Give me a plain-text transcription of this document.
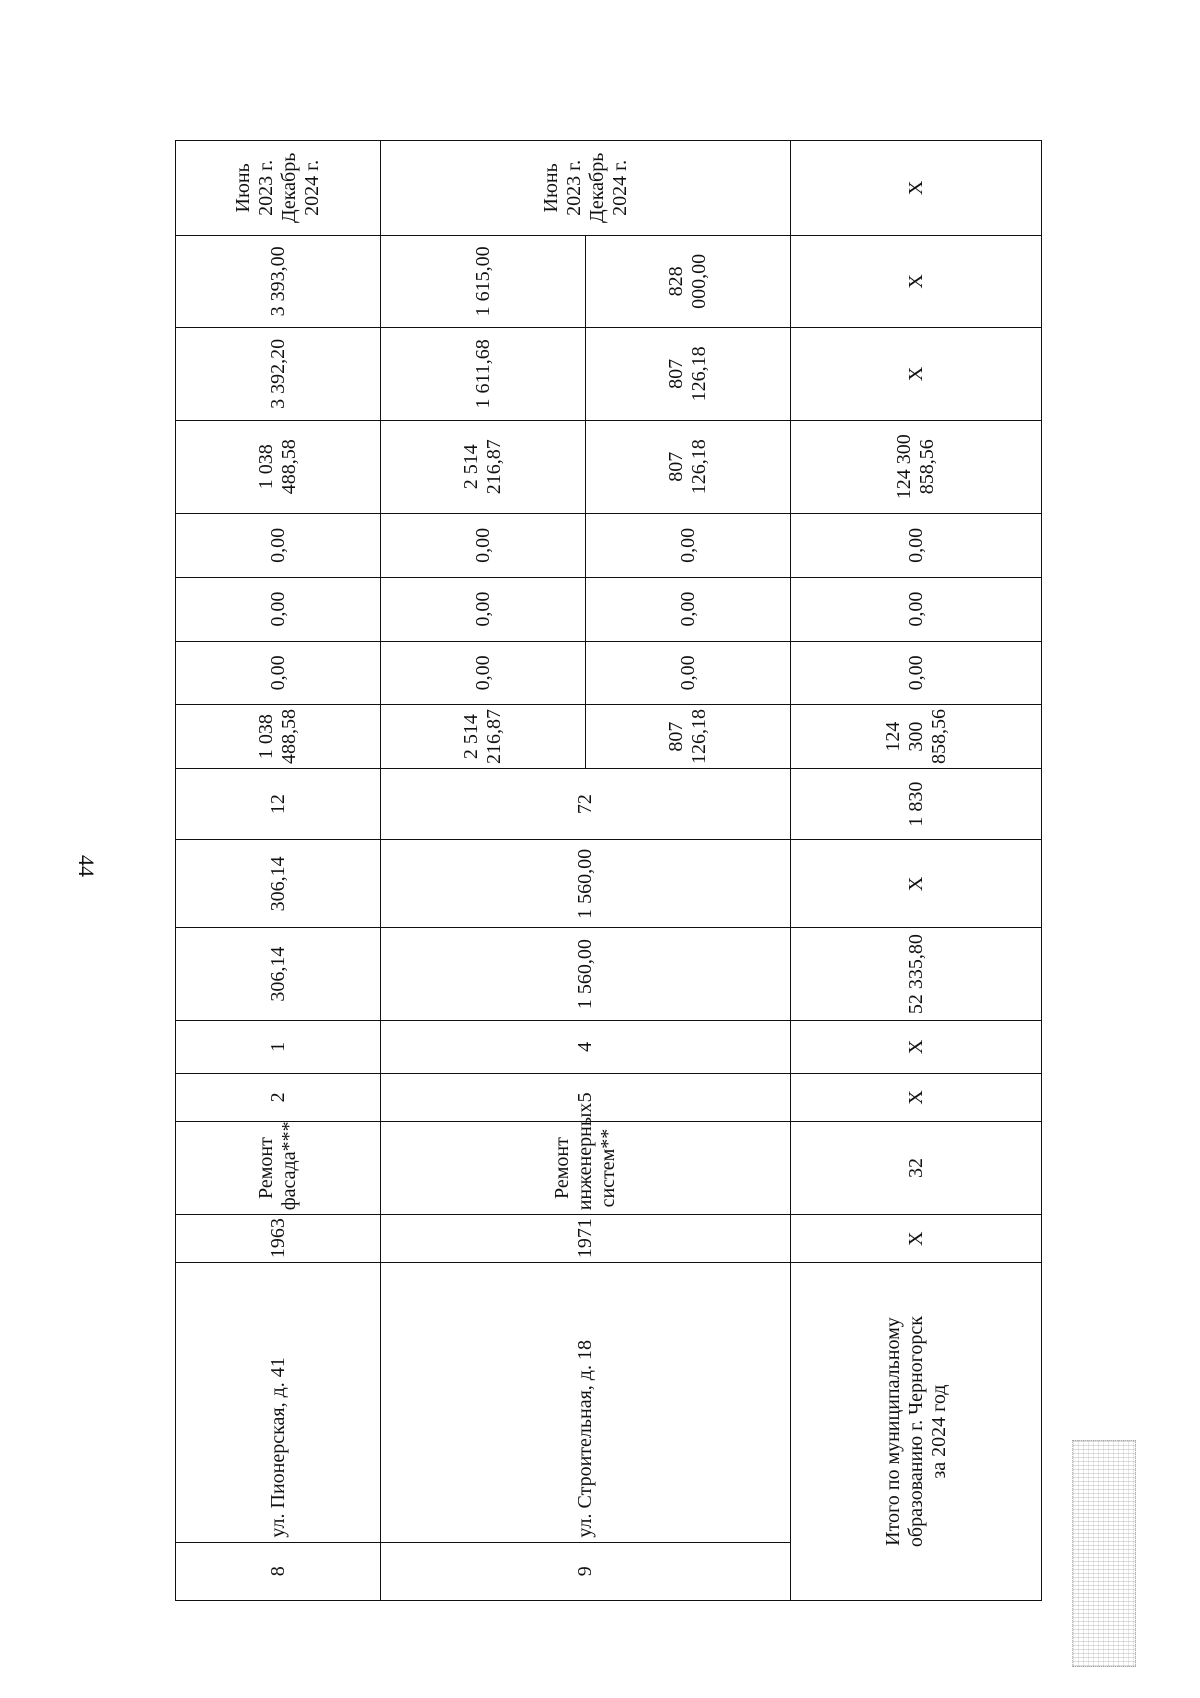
44
8	ул. Пионерская, д. 41	1963	Ремонт фасада***	2	1	306,14	306,14	12	1 038 488,58	0,00	0,00	0,00	1 038 488,58	3 392,20	3 393,00	Июнь 2023 г. Декабрь 2024 г.

9	ул. Строительная, д. 18	1971	Ремонт инженерных систем**	5	4	1 560,00	1 560,00	72	2 514 216,87	0,00	0,00	0,00	2 514 216,87	1 611,68	1 615,00	Июнь 2023 г. Декабрь 2024 г.

									807 126,18	0,00	0,00	0,00	807 126,18	807 126,18	828 000,00	

Итого по муниципальному образованию г. Черногорск за 2024 год		Х	32	Х	Х	52 335,80	Х	1 830	124 300 858,56	0,00	0,00	0,00	124 300 858,56	Х	Х	Х
